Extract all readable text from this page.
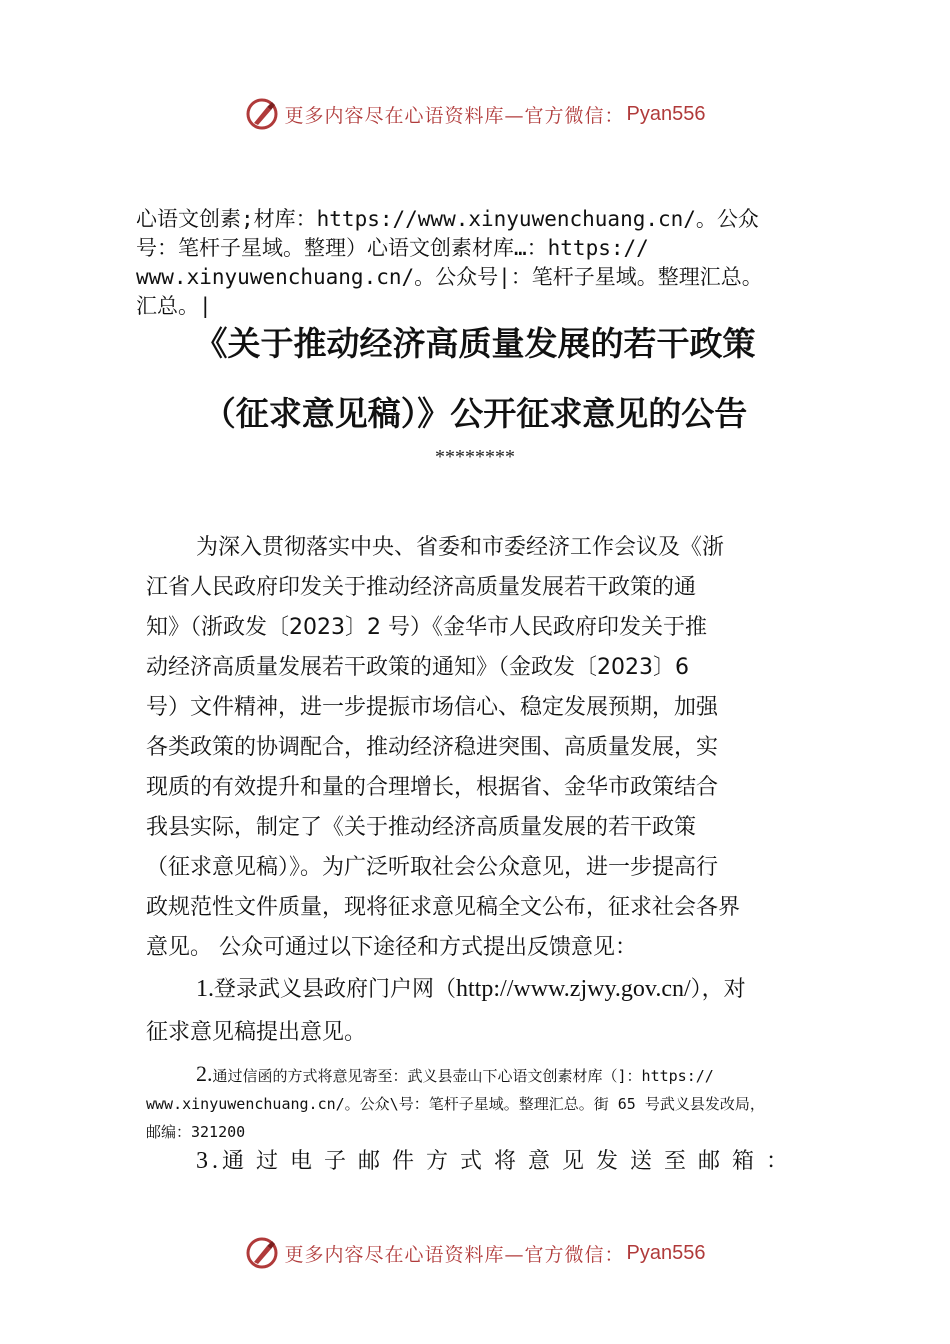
更多内容尽在心语资料库—官方微信： Pyan556

心语文创素;材库：https://www.xinyuwenchuang.cn/。公众

号：笔杆子星域。整理）心语文创素材库…：https://

www.xinyuwenchuang.cn/。公众号|：笔杆子星域。整理汇总。

汇总。|

《关于推动经济高质量发展的若干政策
（征求意见稿）》公开征求意见的公告
********

为深入贯彻落实中央、省委和市委经济工作会议及《浙

江省人民政府印发关于推动经济高质量发展若干政策的通

知》（浙政发〔2023〕2 号）《金华市人民政府印发关于推

动经济高质量发展若干政策的通知》（金政发〔2023〕6

号）文件精神，进一步提振市场信心、稳定发展预期，加强

各类政策的协调配合，推动经济稳进突围、高质量发展，实

现质的有效提升和量的合理增长，根据省、金华市政策结合

我县实际，制定了《关于推动经济高质量发展的若干政策

（征求意见稿）》。为广泛听取社会公众意见，进一步提高行

政规范性文件质量，现将征求意见稿全文公布，征求社会各界

意见。 公众可通过以下途径和方式提出反馈意见：

1.登录武义县政府门户网（http://www.zjwy.gov.cn/），对
征求意见稿提出意见。

2.通过信函的方式将意见寄至：武义县壶山下心语文创素材库（]：https://

www.xinyuwenchuang.cn/。公众\号：笔杆子星域。整理汇总。街 65 号武义县发改局，

邮编：321200

3.通过电子邮件方式将意见发送至邮箱：
更多内容尽在心语资料库—官方微信： Pyan556
